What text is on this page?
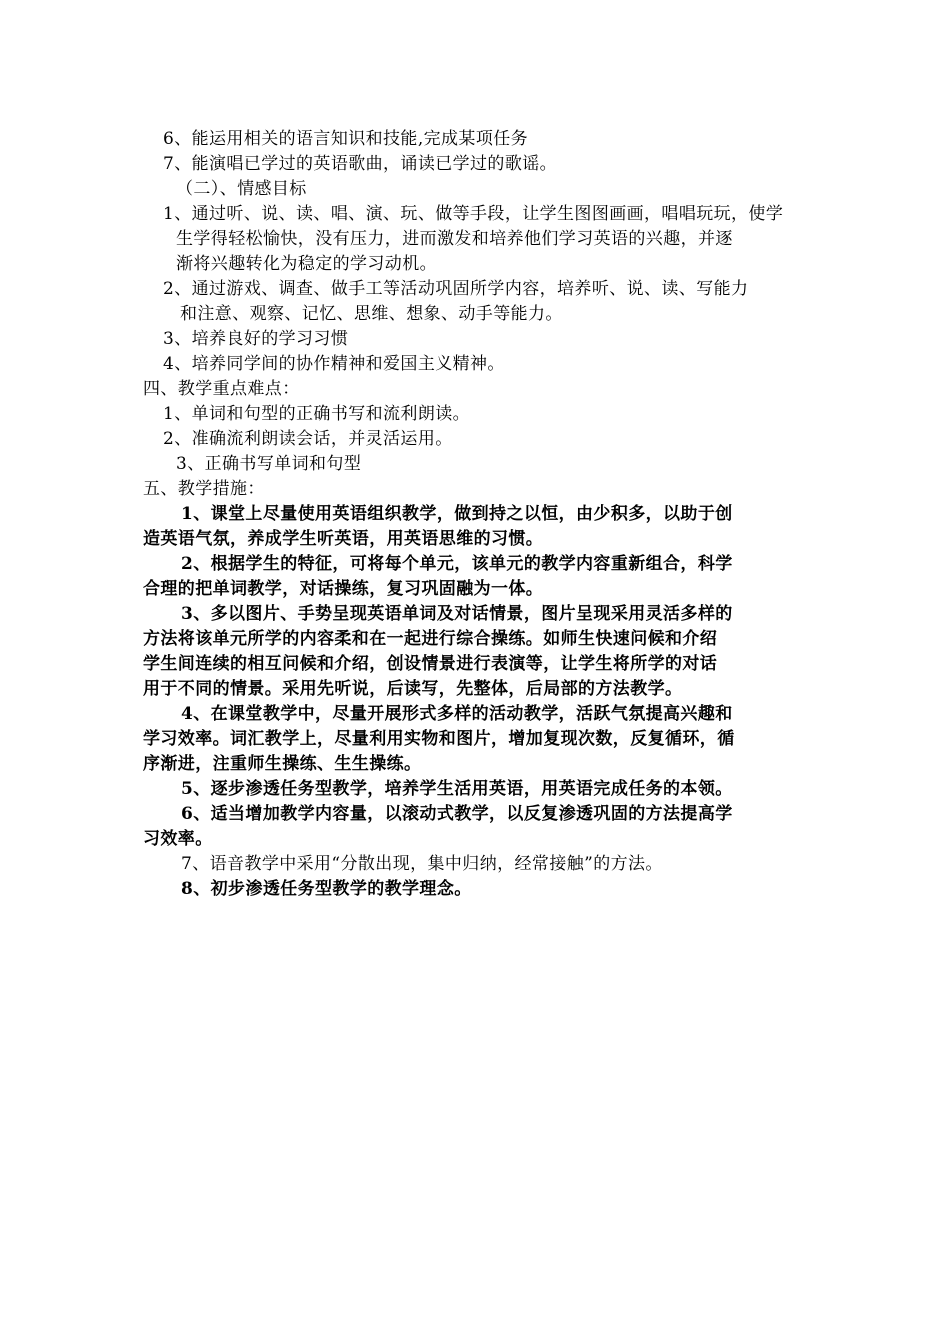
6、能运用相关的语言知识和技能,完成某项任务
7、能演唱已学过的英语歌曲，诵读已学过的歌谣。
（二）、情感目标
1、通过听、说、读、唱、演、玩、做等手段，让学生图图画画，唱唱玩玩，使学
生学得轻松愉快，没有压力，进而激发和培养他们学习英语的兴趣，并逐
渐将兴趣转化为稳定的学习动机。
2、通过游戏、调查、做手工等活动巩固所学内容，培养听、说、读、写能力
和注意、观察、记忆、思维、想象、动手等能力。
3、培养良好的学习习惯
4、培养同学间的协作精神和爱国主义精神。
四、教学重点难点：
1、单词和句型的正确书写和流利朗读。
2、准确流利朗读会话，并灵活运用。
3、正确书写单词和句型
五、教学措施：
1、课堂上尽量使用英语组织教学，做到持之以恒，由少积多，以助于创
造英语气氛，养成学生听英语，用英语思维的习惯。
2、根据学生的特征，可将每个单元，该单元的教学内容重新组合，科学
合理的把单词教学，对话操练，复习巩固融为一体。
3、多以图片、手势呈现英语单词及对话情景，图片呈现采用灵活多样的
方法将该单元所学的内容柔和在一起进行综合操练。如师生快速问候和介绍
学生间连续的相互问候和介绍，创设情景进行表演等，让学生将所学的对话
用于不同的情景。采用先听说，后读写，先整体，后局部的方法教学。
4、在课堂教学中，尽量开展形式多样的活动教学，活跃气氛提高兴趣和
学习效率。词汇教学上，尽量利用实物和图片，增加复现次数，反复循环，循
序渐进，注重师生操练、生生操练。
5、逐步渗透任务型教学，培养学生活用英语，用英语完成任务的本领。
6、适当增加教学内容量，以滚动式教学，以反复渗透巩固的方法提高学
习效率。
7、语音教学中采用“分散出现，集中归纳，经常接触”的方法。
8、初步渗透任务型教学的教学理念。
